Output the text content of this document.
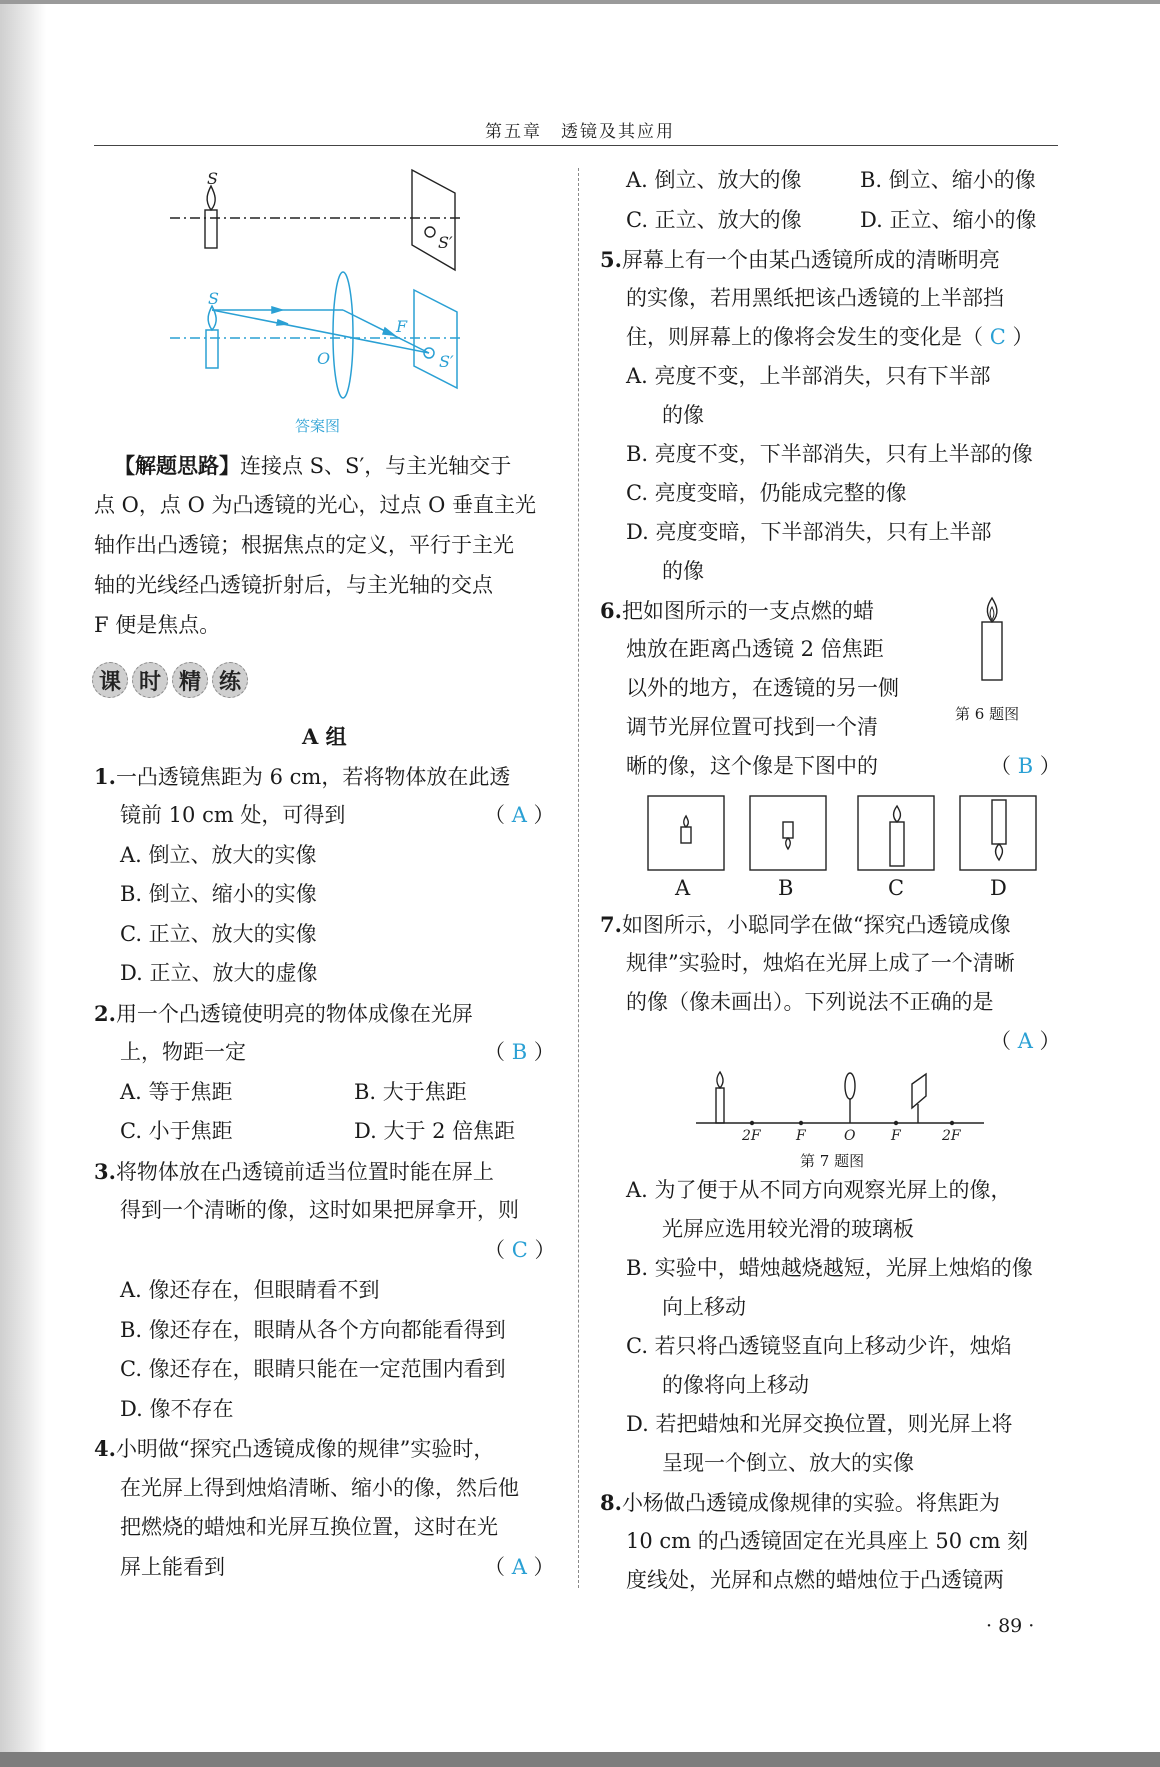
第五章　透镜及其应用
S
S′
S
O
F
S′
答案图
【解题思路】连接点 S、S′，与主光轴交于
点 O，点 O 为凸透镜的光心，过点 O 垂直主光
轴作出凸透镜；根据焦点的定义，平行于主光
轴的光线经凸透镜折射后，与主光轴的交点
F 便是焦点。
课 时 精 练
A 组
1.一凸透镜焦距为 6 cm，若将物体放在此透
镜前 10 cm 处，可得到	（ A ）
A. 倒立、放大的实像
B. 倒立、缩小的实像
C. 正立、放大的实像
D. 正立、放大的虚像
2.用一个凸透镜使明亮的物体成像在光屏
上，物距一定	（ B ）
A. 等于焦距	B. 大于焦距
C. 小于焦距	D. 大于 2 倍焦距
3.将物体放在凸透镜前适当位置时能在屏上
得到一个清晰的像，这时如果把屏拿开，则
（ C ）
A. 像还存在，但眼睛看不到
B. 像还存在，眼睛从各个方向都能看得到
C. 像还存在，眼睛只能在一定范围内看到
D. 像不存在
4.小明做“探究凸透镜成像的规律”实验时，
在光屏上得到烛焰清晰、缩小的像，然后他
把燃烧的蜡烛和光屏互换位置，这时在光
屏上能看到	（ A ）
A. 倒立、放大的像	B. 倒立、缩小的像
C. 正立、放大的像	D. 正立、缩小的像
5.屏幕上有一个由某凸透镜所成的清晰明亮
的实像，若用黑纸把该凸透镜的上半部挡
住，则屏幕上的像将会发生的变化是（ C ）
A. 亮度不变，上半部消失，只有下半部
的像
B. 亮度不变，下半部消失，只有上半部的像
C. 亮度变暗，仍能成完整的像
D. 亮度变暗，下半部消失，只有上半部
的像
6.把如图所示的一支点燃的蜡
烛放在距离凸透镜 2 倍焦距
以外的地方，在透镜的另一侧
调节光屏位置可找到一个清
晰的像，这个像是下图中的	（ B ）
第 6 题图
A	B	C	D
7.如图所示，小聪同学在做“探究凸透镜成像
规律”实验时，烛焰在光屏上成了一个清晰
的像（像未画出）。下列说法不正确的是
（ A ）
2F	F	O	F	2F
第 7 题图
A. 为了便于从不同方向观察光屏上的像，
光屏应选用较光滑的玻璃板
B. 实验中，蜡烛越烧越短，光屏上烛焰的像
向上移动
C. 若只将凸透镜竖直向上移动少许，烛焰
的像将向上移动
D. 若把蜡烛和光屏交换位置，则光屏上将
呈现一个倒立、放大的实像
8.小杨做凸透镜成像规律的实验。将焦距为
10 cm 的凸透镜固定在光具座上 50 cm 刻
度线处，光屏和点燃的蜡烛位于凸透镜两
· 89 ·
